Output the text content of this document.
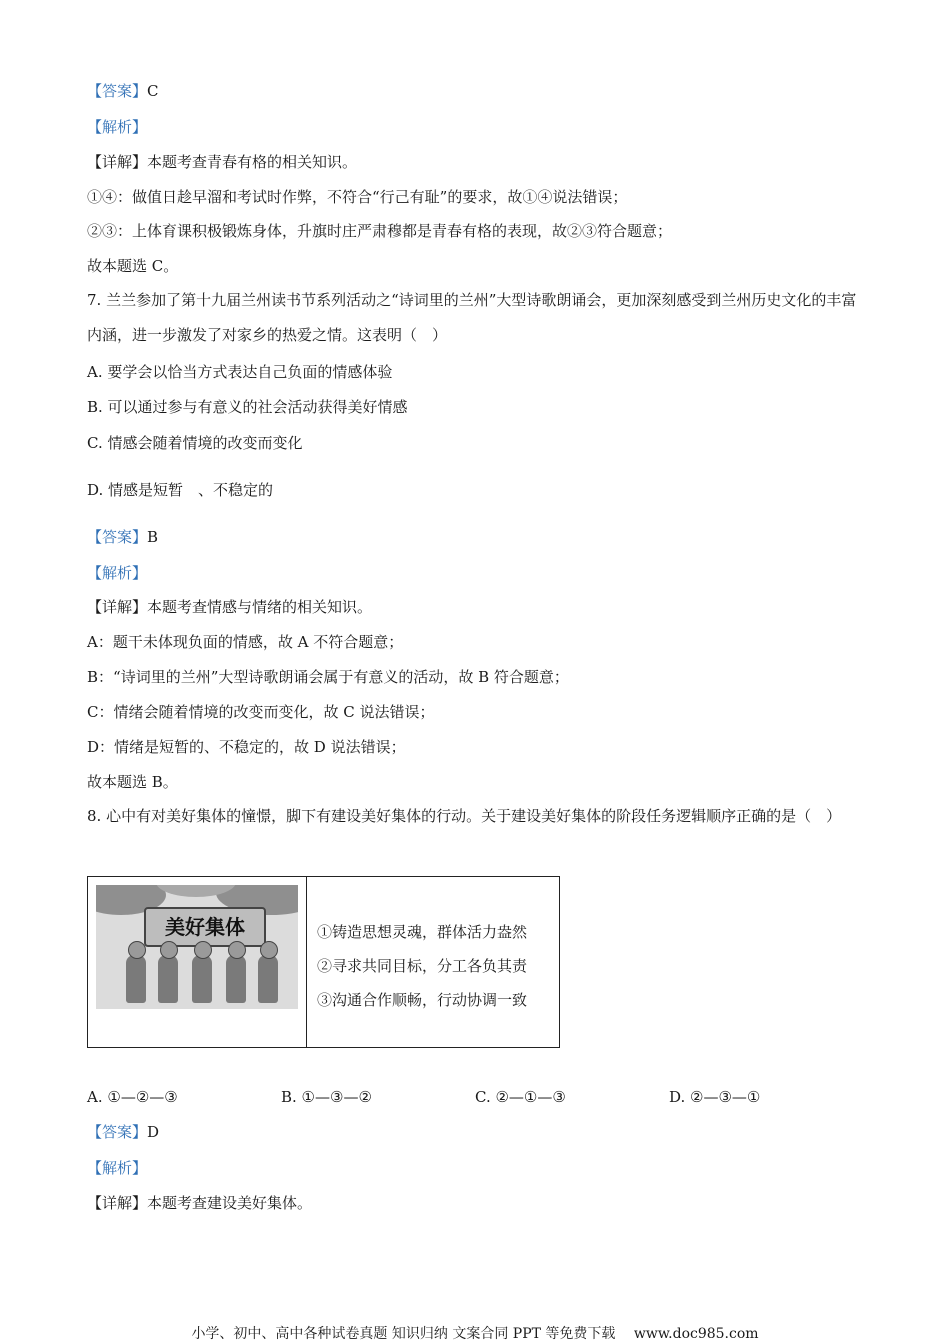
【答案】C
【解析】
【详解】本题考查青春有格的相关知识。
①④：做值日趁早溜和考试时作弊，不符合“行己有耻”的要求，故①④说法错误；
②③：上体育课积极锻炼身体，升旗时庄严肃穆都是青春有格的表现，故②③符合题意；
故本题选 C。
7. 兰兰参加了第十九届兰州读书节系列活动之“诗词里的兰州”大型诗歌朗诵会，更加深刻感受到兰州历史文化的丰富内涵，进一步激发了对家乡的热爱之情。这表明（　）
A. 要学会以恰当方式表达自己负面的情感体验
B. 可以通过参与有意义的社会活动获得美好情感
C. 情感会随着情境的改变而变化
D. 情感是短暂　、不稳定的
【答案】B
【解析】
【详解】本题考查情感与情绪的相关知识。
A：题干未体现负面的情感，故 A 不符合题意；
B：“诗词里的兰州”大型诗歌朗诵会属于有意义的活动，故 B 符合题意；
C：情绪会随着情境的改变而变化，故 C 说法错误；
D：情绪是短暂的、不稳定的，故 D 说法错误；
故本题选 B。
8. 心中有对美好集体的憧憬，脚下有建设美好集体的行动。关于建设美好集体的阶段任务逻辑顺序正确的是（　）
美好集体	①铸造思想灵魂，群体活力盎然
②寻求共同目标，分工各负其责
③沟通合作顺畅，行动协调一致
A. ①—②—③	B. ①—③—②	C. ②—①—③	D. ②—③—①
【答案】D
【解析】
【详解】本题考查建设美好集体。
小学、初中、高中各种试卷真题 知识归纳 文案合同 PPT 等免费下载　 www.doc985.com
